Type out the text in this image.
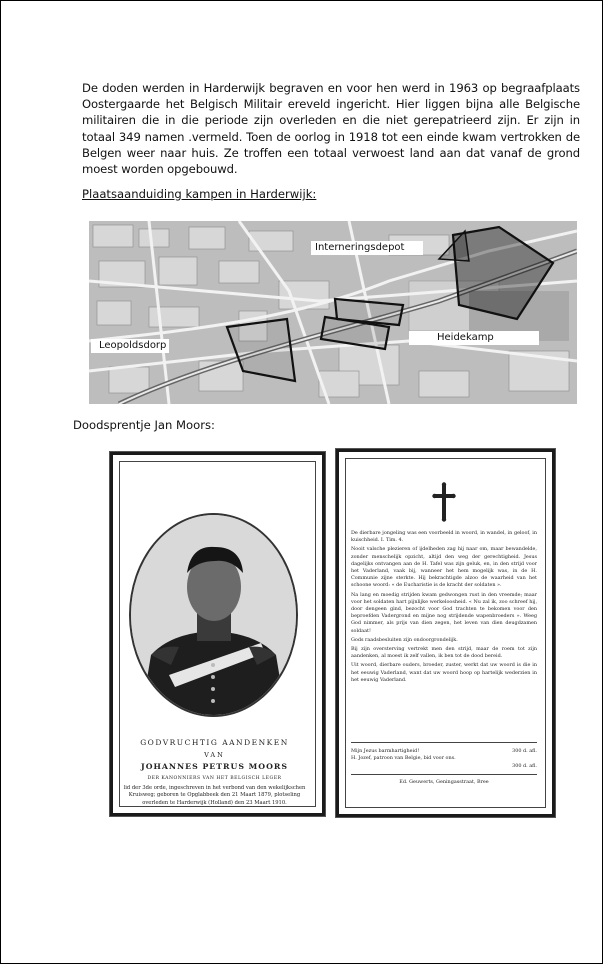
De doden werden in Harderwijk begraven en voor hen werd in 1963 op begraafplaats Oostergaarde het Belgisch Militair ereveld ingericht. Hier liggen bijna alle Belgische militairen die in die periode zijn overleden en die niet gerepatrieerd zijn. Er zijn in totaal 349 namen .vermeld. Toen de oorlog in 1918 tot een einde kwam vertrokken de Belgen weer naar huis. Ze troffen een totaal verwoest land aan dat vanaf de grond moest worden opgebouwd.
Plaatsaanduiding kampen in Harderwijk:
Interneringsdepot
Leopoldsdorp
Heidekamp
Doodsprentje Jan Moors:
GODVRUCHTIG AANDENKEN
VAN
JOHANNES PETRUS MOORS
DER KANONNIERS VAN HET BELGISCH LEGER
lid der 3de orde, ingeschreven in het verbond van den wekelijkschen Kruisweg; geboren te Opglabbeek den 21 Maart 1879, plotseling overleden te Harderwijk (Holland) den 23 Maart 1910.

De dierbare jongeling was een voorbeeld in woord, in wandel, in geloof, in kuischheid. I. Tim. 4.

Nooit valsche plezieren of ijdelheden zag hij naar om, maar bewandelde, zonder menschelijk opzicht, altijd den weg der gerechtigheid. Jesus dagelijks ontvangen aan de H. Tafel was zijn geluk, en, in den strijd voor het Vaderland, vaak bij, wanneer het hem mogelijk was, in de H. Communie zijne sterkte. Hij bekrachtigde alzoo de waarheid van het schoone woord: « de Eucharistie is de kracht der soldaten ».

Na lang en moedig strijden kwam gedwongen rust in den vreemde; maar voor het soldaten hart pijnlijke werkeloosheid. « Nu zal ik, zoo schreef hij, door dengeen gind, bezocht voor God trachten te bekomen voor den beproefden Vadergrond en mijne nog strijdende wapenbroeders ». Weeg God nimmer, als prijs van dien zegen, het leven van dien deugdzamen soldaat!

Gods raadsbesluiten zijn ondoorgrondelijk.

Bij zijn oversterving vertrekt men den strijd, maar de roem tot zijn aandenken, al moest ik zelf vallen, ik ben tot de dood bereid.

Uit woord, dierbare ouders, broeder, zuster, werkt dat uw woord is die in het eeuwig Vaderland, want dat uw woord hoop op hartelijk wederzien in het eeuwig Vaderland.

Mijn Jezus barmhartigheid!	300 d. afl.
H. Jozef, patroon van Belgie, bid voor ons.
300 d. afl.
Ed. Geuwerts, Geningasstraat, Bree
